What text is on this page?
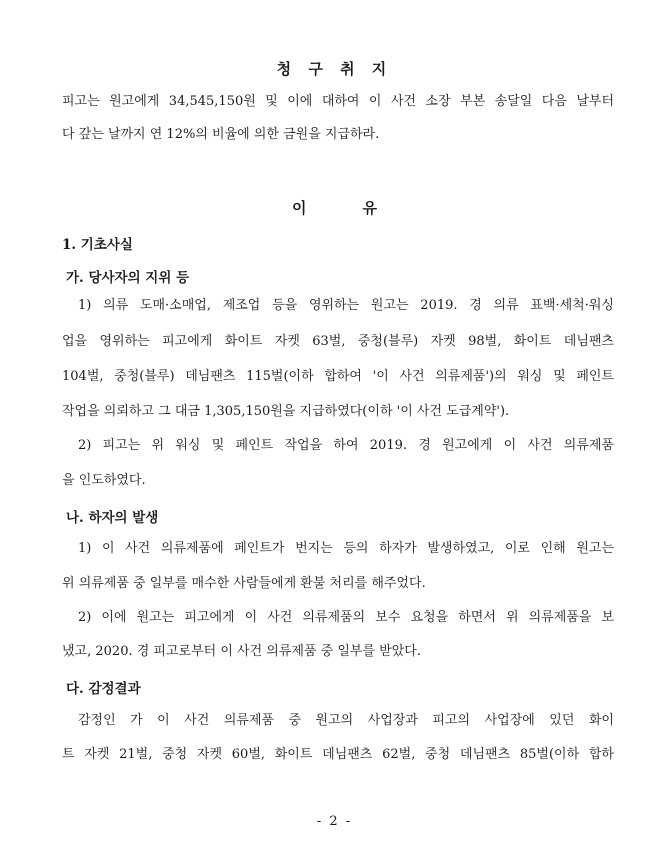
청 구 취 지
피고는 원고에게 34,545,150원 및 이에 대하여 이 사건 소장 부본 송달일 다음 날부터
다 갚는 날까지 연 12%의 비율에 의한 금원을 지급하라.
이	유
1. 기초사실
가. 당사자의 지위 등
1) 의류 도매·소매업, 제조업 등을 영위하는 원고는 2019. 경 의류 표백·세척·워싱
업을 영위하는 피고에게 화이트 자켓 63벌, 중청(블루) 자켓 98벌, 화이트 데님팬츠
104벌, 중청(블루) 데님팬츠 115벌(이하 합하여 '이 사건 의류제품')의 워싱 및 페인트
작업을 의뢰하고 그 대금 1,305,150원을 지급하였다(이하 '이 사건 도급계약').
2) 피고는 위 워싱 및 페인트 작업을 하여 2019. 경 원고에게 이 사건 의류제품
을 인도하였다.
나. 하자의 발생
1) 이 사건 의류제품에 페인트가 번지는 등의 하자가 발생하였고, 이로 인해 원고는
위 의류제품 중 일부를 매수한 사람들에게 환불 처리를 해주었다.
2) 이에 원고는 피고에게 이 사건 의류제품의 보수 요청을 하면서 위 의류제품을 보
냈고, 2020. 경 피고로부터 이 사건 의류제품 중 일부를 받았다.
다. 감정결과
감정인 가 이 사건 의류제품 중 원고의 사업장과 피고의 사업장에 있던 화이
트 자켓 21벌, 중청 자켓 60벌, 화이트 데님팬츠 62벌, 중청 데님팬츠 85벌(이하 합하
- 2 -
